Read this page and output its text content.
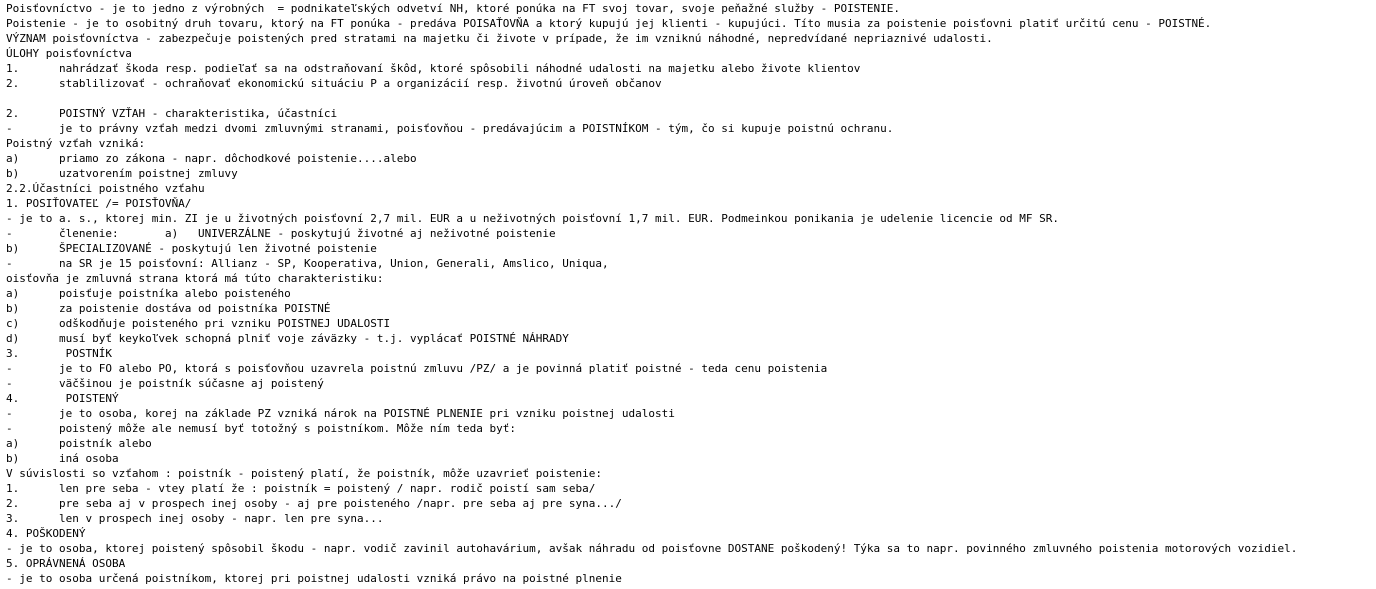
Poisťovníctvo - je to jedno z výrobných  = podnikateľských odvetví NH, ktoré ponúka na FT svoj tovar, svoje peňažné služby - POISTENIE.
Poistenie - je to osobitný druh tovaru, ktorý na FT ponúka - predáva POISAŤOVŇA a ktorý kupujú jej klienti - kupujúci. Títo musia za poistenie poisťovni platiť určitú cenu - POISTNÉ.
VÝZNAM poisťovníctva - zabezpečuje poistených pred stratami na majetku či živote v prípade, že im vzniknú náhodné, nepredvídané nepriaznivé udalosti.
ÚLOHY poisťovníctva
1.      nahrádzať škoda resp. podieľať sa na odstraňovaní škôd, ktoré spôsobili náhodné udalosti na majetku alebo živote klientov
2.      stablilizovať - ochraňovať ekonomickú situáciu P a organizácií resp. životnú úroveň občanov
2.      POISTNÝ VZŤAH - charakteristika, účastníci
-       je to právny vzťah medzi dvomi zmluvnými stranami, poisťovňou - predávajúcim a POISTNÍKOM - tým, čo si kupuje poistnú ochranu.
Poistný vzťah vzniká:
a)      priamo zo zákona - napr. dôchodkové poistenie....alebo
b)      uzatvorením poistnej zmluvy
2.2.Účastníci poistného vzťahu
1. POSIŤOVATEĽ /= POISŤOVŇA/
- je to a. s., ktorej min. ZI je u životných poisťovní 2,7 mil. EUR a u neživotných poisťovní 1,7 mil. EUR. Podmeinkou ponikania je udelenie licencie od MF SR.
-       členenie:       a)   UNIVERZÁLNE - poskytujú životné aj neživotné poistenie
b)      ŠPECIALIZOVANÉ - poskytujú len životné poistenie
-       na SR je 15 poisťovní: Allianz - SP, Kooperativa, Union, Generali, Amslico, Uniqua,
oisťovňa je zmluvná strana ktorá má túto charakteristiku:
a)      poisťuje poistníka alebo poisteného
b)      za poistenie dostáva od poistníka POISTNÉ
c)      odškodňuje poisteného pri vzniku POISTNEJ UDALOSTI
d)      musí byť keykoľvek schopná plniť voje záväzky - t.j. vyplácať POISTNÉ NÁHRADY
3.       POSTNÍK
-       je to FO alebo PO, ktorá s poisťovňou uzavrela poistnú zmluvu /PZ/ a je povinná platiť poistné - teda cenu poistenia
-       väčšinou je poistník súčasne aj poistený
4.       POISTENÝ
-       je to osoba, korej na základe PZ vzniká nárok na POISTNÉ PLNENIE pri vzniku poistnej udalosti
-       poistený môže ale nemusí byť totožný s poistníkom. Môže ním teda byť:
a)      poistník alebo
b)      iná osoba
V súvislosti so vzťahom : poistník - poistený platí, že poistník, môže uzavrieť poistenie:
1.      len pre seba - vtey platí že : poistník = poistený / napr. rodič poistí sam seba/
2.      pre seba aj v prospech inej osoby - aj pre poisteného /napr. pre seba aj pre syna.../
3.      len v prospech inej osoby - napr. len pre syna...
4. POŠKODENÝ
- je to osoba, ktorej poistený spôsobil škodu - napr. vodič zavinil autohavárium, avšak náhradu od poisťovne DOSTANE poškodený! Týka sa to napr. povinného zmluvného poistenia motorových vozidiel.
5. OPRÁVNENÁ OSOBA
- je to osoba určená poistníkom, ktorej pri poistnej udalosti vzniká právo na poistné plnenie
